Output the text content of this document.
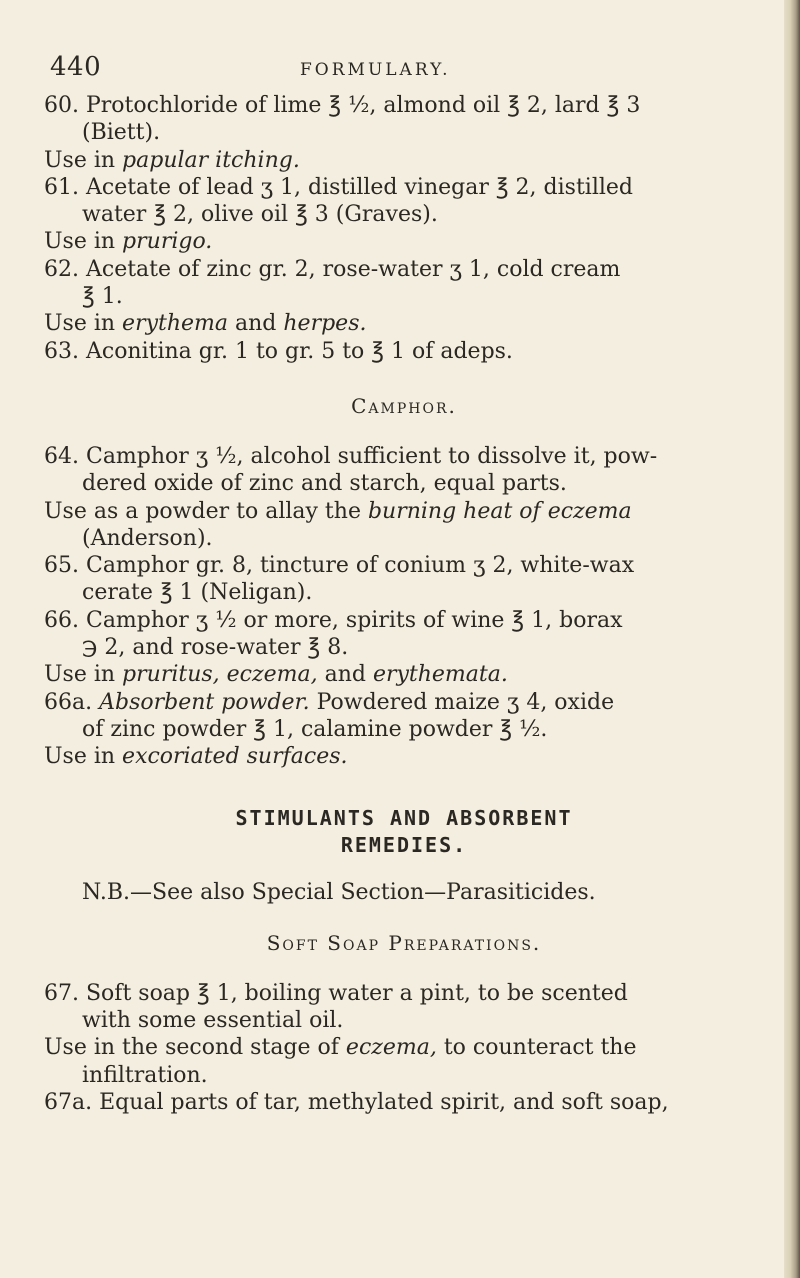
440	FORMULARY.
60. Protochloride of lime ℥ ½, almond oil ℥ 2, lard ℥ 3
(Biett).
Use in papular itching.
61. Acetate of lead ʒ 1, distilled vinegar ℥ 2, distilled
water ℥ 2, olive oil ℥ 3 (Graves).
Use in prurigo.
62. Acetate of zinc gr. 2, rose-water ʒ 1, cold cream
℥ 1.
Use in erythema and herpes.
63. Aconitina gr. 1 to gr. 5 to ℥ 1 of adeps.
Camphor.
64. Camphor ʒ ½, alcohol sufficient to dissolve it, pow-
dered oxide of zinc and starch, equal parts.
Use as a powder to allay the burning heat of eczema
(Anderson).
65. Camphor gr. 8, tincture of conium ʒ 2, white-wax
cerate ℥ 1 (Neligan).
66. Camphor ʒ ½ or more, spirits of wine ℥ 1, borax
℈ 2, and rose-water ℥ 8.
Use in pruritus, eczema, and erythemata.
66a. Absorbent powder. Powdered maize ʒ 4, oxide
of zinc powder ℥ 1, calamine powder ℥ ½.
Use in excoriated surfaces.
STIMULANTS AND ABSORBENT
REMEDIES.
N.B.—See also Special Section—Parasiticides.
Soft Soap Preparations.
67. Soft soap ℥ 1, boiling water a pint, to be scented
with some essential oil.
Use in the second stage of eczema, to counteract the
infiltration.
67a. Equal parts of tar, methylated spirit, and soft soap,
